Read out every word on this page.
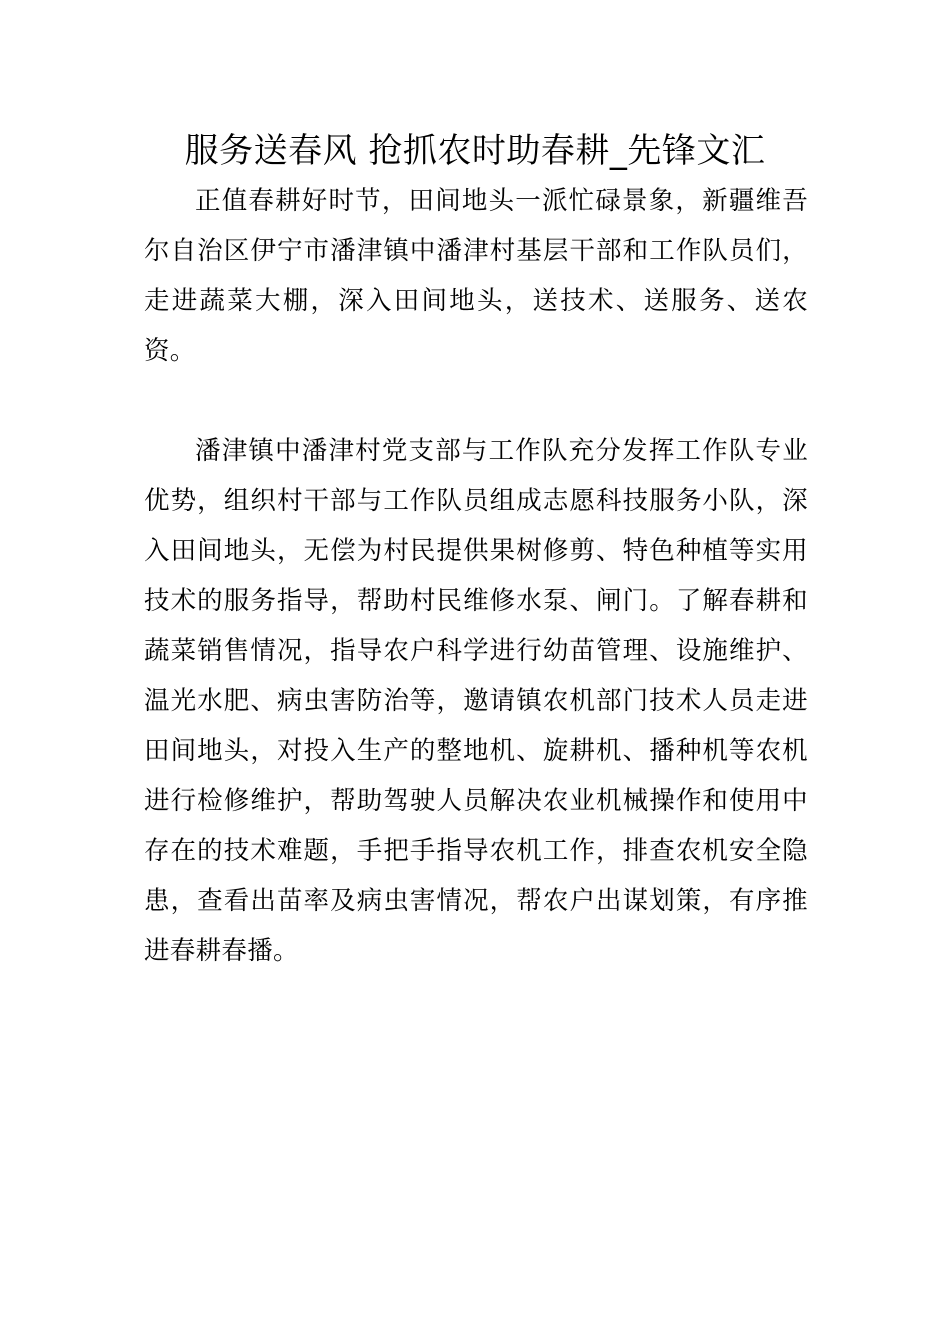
服务送春风 抢抓农时助春耕_先锋文汇

正值春耕好时节，田间地头一派忙碌景象，新疆维吾尔自治区伊宁市潘津镇中潘津村基层干部和工作队员们，走进蔬菜大棚，深入田间地头，送技术、送服务、送农资。

潘津镇中潘津村党支部与工作队充分发挥工作队专业优势，组织村干部与工作队员组成志愿科技服务小队，深入田间地头，无偿为村民提供果树修剪、特色种植等实用技术的服务指导，帮助村民维修水泵、闸门。了解春耕和蔬菜销售情况，指导农户科学进行幼苗管理、设施维护、温光水肥、病虫害防治等，邀请镇农机部门技术人员走进田间地头，对投入生产的整地机、旋耕机、播种机等农机进行检修维护，帮助驾驶人员解决农业机械操作和使用中存在的技术难题，手把手指导农机工作，排查农机安全隐患，查看出苗率及病虫害情况，帮农户出谋划策，有序推进春耕春播。
